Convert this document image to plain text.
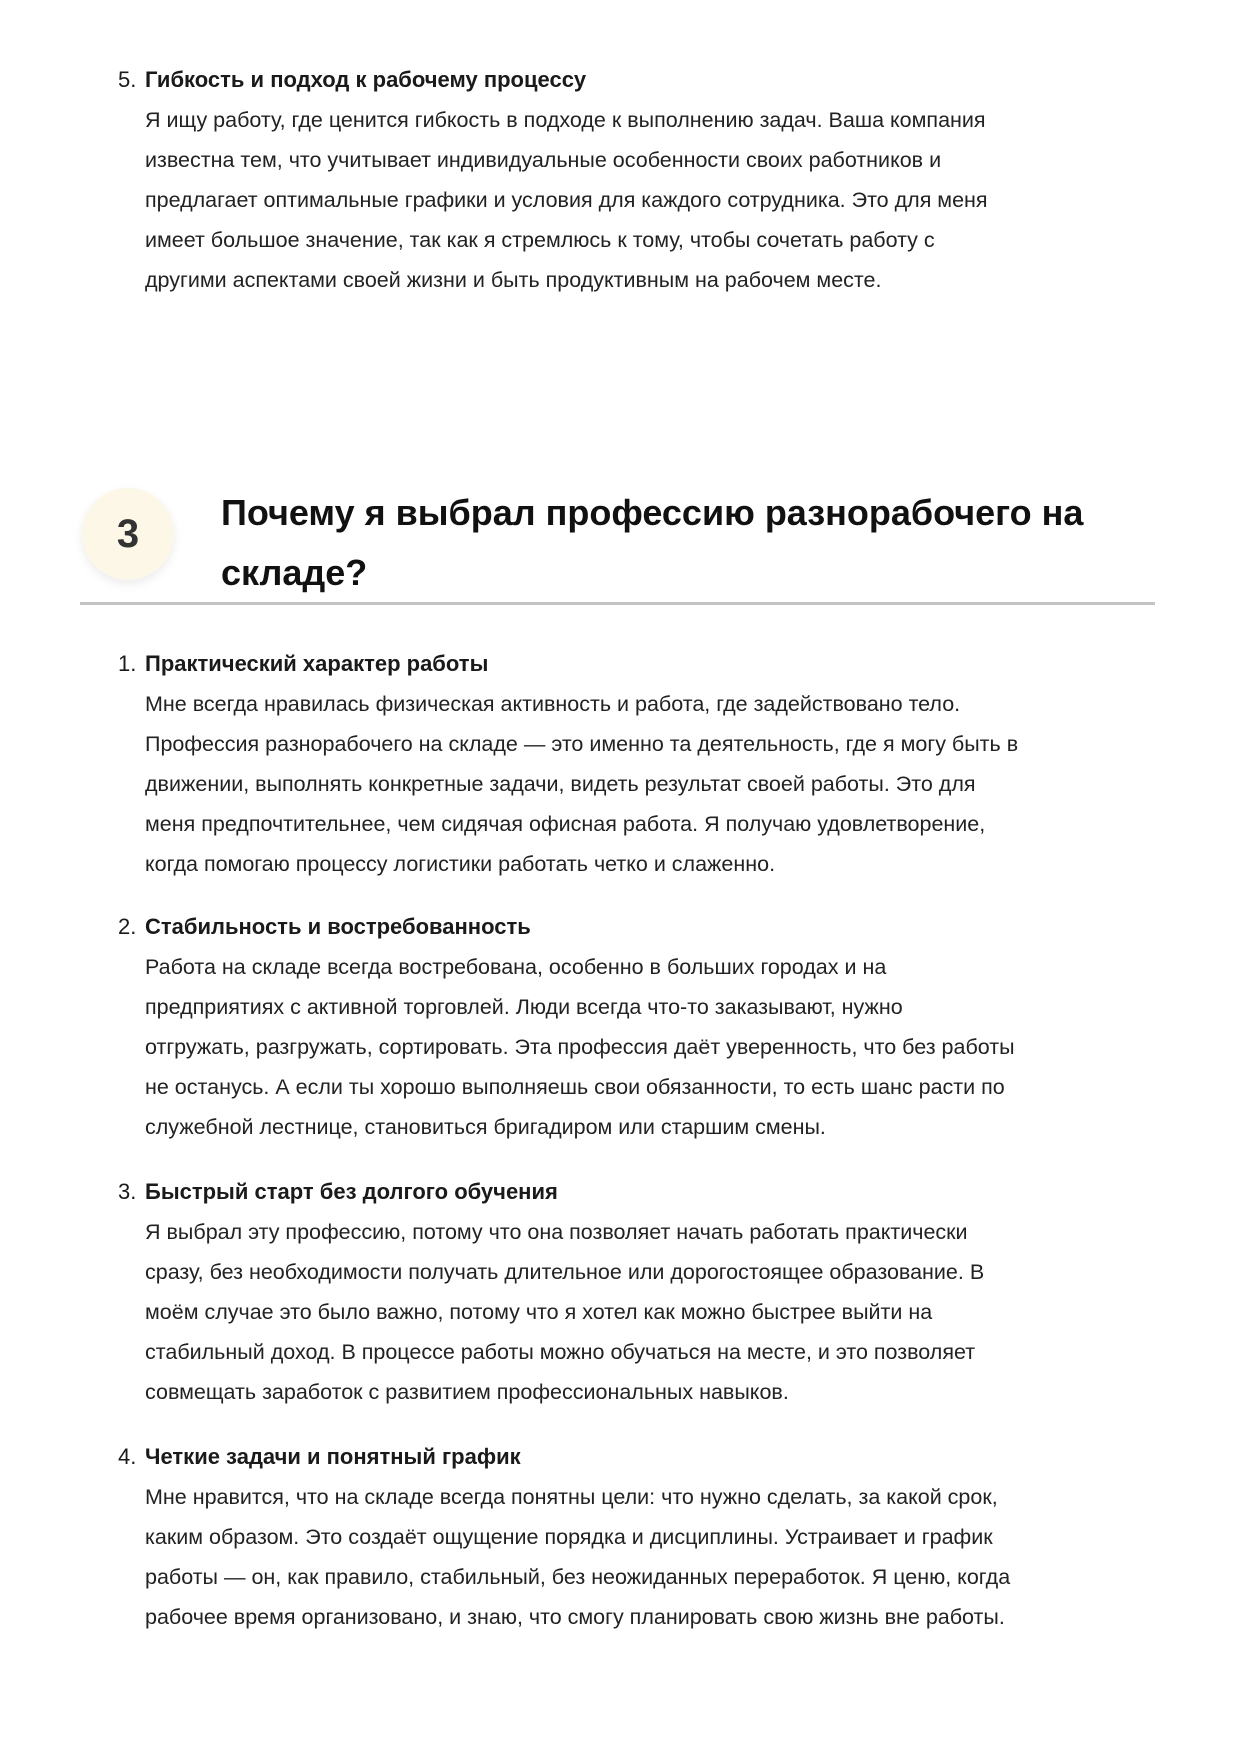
5. Гибкость и подход к рабочему процессу
Я ищу работу, где ценится гибкость в подходе к выполнению задач. Ваша компания
известна тем, что учитывает индивидуальные особенности своих работников и
предлагает оптимальные графики и условия для каждого сотрудника. Это для меня
имеет большое значение, так как я стремлюсь к тому, чтобы сочетать работу с
другими аспектами своей жизни и быть продуктивным на рабочем месте.
3	Почему я выбрал профессию разнорабочего на складе?
1. Практический характер работы
Мне всегда нравилась физическая активность и работа, где задействовано тело.
Профессия разнорабочего на складе — это именно та деятельность, где я могу быть в
движении, выполнять конкретные задачи, видеть результат своей работы. Это для
меня предпочтительнее, чем сидячая офисная работа. Я получаю удовлетворение,
когда помогаю процессу логистики работать четко и слаженно.
2. Стабильность и востребованность
Работа на складе всегда востребована, особенно в больших городах и на
предприятиях с активной торговлей. Люди всегда что-то заказывают, нужно
отгружать, разгружать, сортировать. Эта профессия даёт уверенность, что без работы
не останусь. А если ты хорошо выполняешь свои обязанности, то есть шанс расти по
служебной лестнице, становиться бригадиром или старшим смены.
3. Быстрый старт без долгого обучения
Я выбрал эту профессию, потому что она позволяет начать работать практически
сразу, без необходимости получать длительное или дорогостоящее образование. В
моём случае это было важно, потому что я хотел как можно быстрее выйти на
стабильный доход. В процессе работы можно обучаться на месте, и это позволяет
совмещать заработок с развитием профессиональных навыков.
4. Четкие задачи и понятный график
Мне нравится, что на складе всегда понятны цели: что нужно сделать, за какой срок,
каким образом. Это создаёт ощущение порядка и дисциплины. Устраивает и график
работы — он, как правило, стабильный, без неожиданных переработок. Я ценю, когда
рабочее время организовано, и знаю, что смогу планировать свою жизнь вне работы.
